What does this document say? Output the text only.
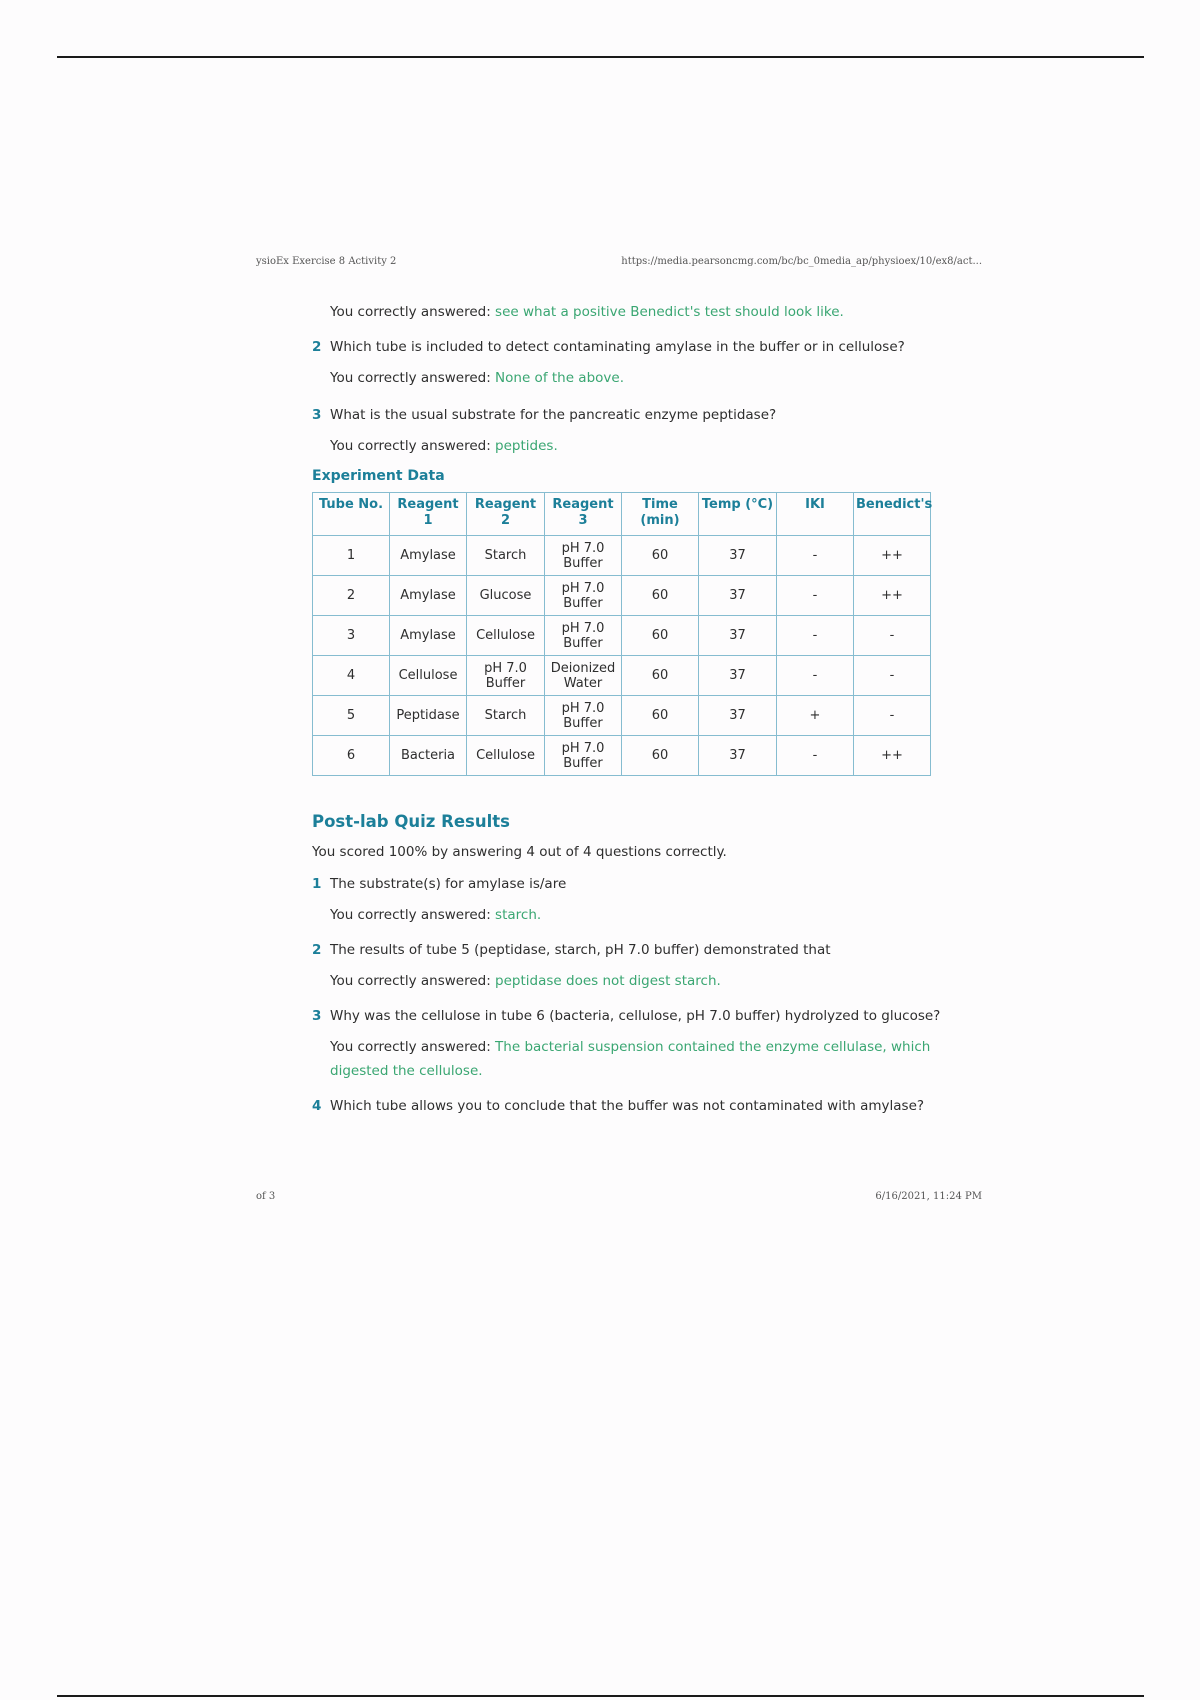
ysioEx Exercise 8 Activity 2	https://media.pearsoncmg.com/bc/bc_0media_ap/physioex/10/ex8/act...
You correctly answered: see what a positive Benedict's test should look like.
2 Which tube is included to detect contaminating amylase in the buffer or in cellulose?
You correctly answered: None of the above.
3 What is the usual substrate for the pancreatic enzyme peptidase?
You correctly answered: peptides.
Experiment Data
Tube No.	Reagent 1	Reagent 2	Reagent 3	Time (min)	Temp (°C)	IKI	Benedict's
1	Amylase	Starch	pH 7.0 Buffer	60	37	-	++
2	Amylase	Glucose	pH 7.0 Buffer	60	37	-	++
3	Amylase	Cellulose	pH 7.0 Buffer	60	37	-	-
4	Cellulose	pH 7.0 Buffer	Deionized Water	60	37	-	-
5	Peptidase	Starch	pH 7.0 Buffer	60	37	+	-
6	Bacteria	Cellulose	pH 7.0 Buffer	60	37	-	++
Post-lab Quiz Results
You scored 100% by answering 4 out of 4 questions correctly.
1 The substrate(s) for amylase is/are
You correctly answered: starch.
2 The results of tube 5 (peptidase, starch, pH 7.0 buffer) demonstrated that
You correctly answered: peptidase does not digest starch.
3 Why was the cellulose in tube 6 (bacteria, cellulose, pH 7.0 buffer) hydrolyzed to glucose?
You correctly answered: The bacterial suspension contained the enzyme cellulase, which digested the cellulose.
4 Which tube allows you to conclude that the buffer was not contaminated with amylase?
of 3	6/16/2021, 11:24 PM
